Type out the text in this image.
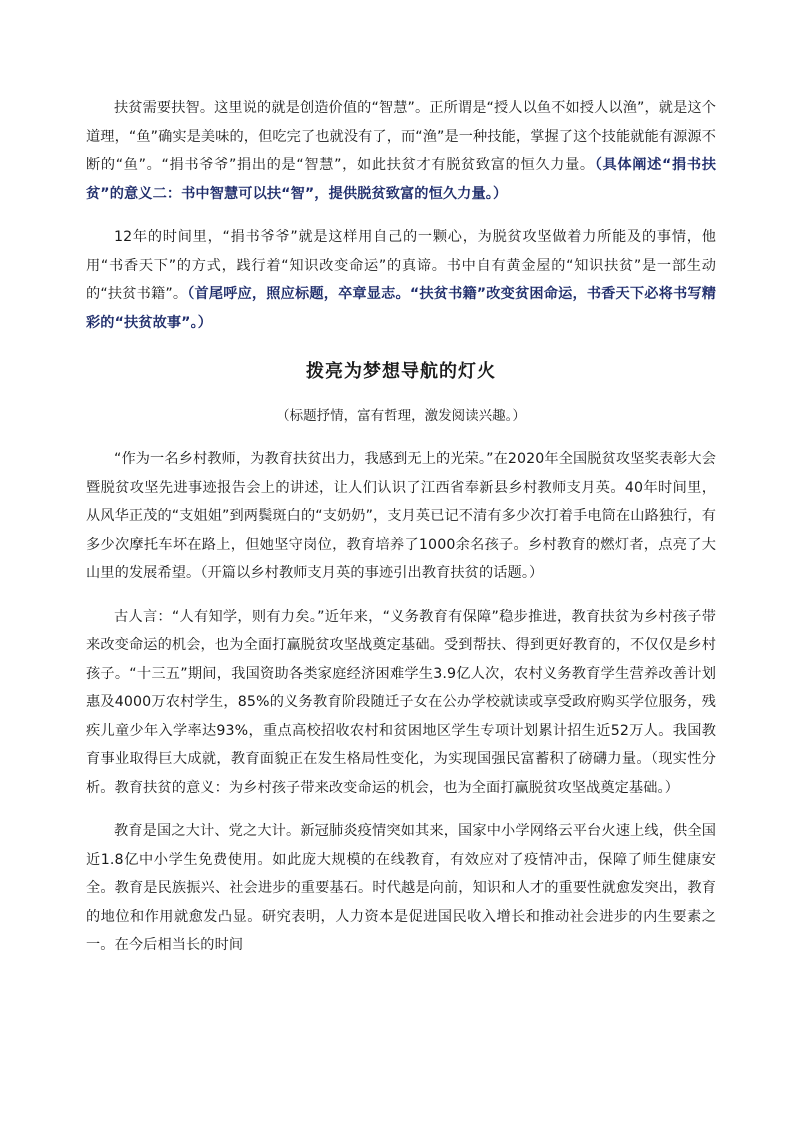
扶贫需要扶智。这里说的就是创造价值的“智慧”。正所谓是“授人以鱼不如授人以渔”，就是这个道理，“鱼”确实是美味的，但吃完了也就没有了，而“渔”是一种技能，掌握了这个技能就能有源源不断的“鱼”。“捐书爷爷”捐出的是“智慧”，如此扶贫才有脱贫致富的恒久力量。（具体阐述“捐书扶贫”的意义二：书中智慧可以扶“智”，提供脱贫致富的恒久力量。）

12年的时间里，“捐书爷爷”就是这样用自己的一颗心，为脱贫攻坚做着力所能及的事情，他用“书香天下”的方式，践行着“知识改变命运”的真谛。书中自有黄金屋的“知识扶贫”是一部生动的“扶贫书籍”。（首尾呼应，照应标题，卒章显志。“扶贫书籍”改变贫困命运，书香天下必将书写精彩的“扶贫故事”。）

拨亮为梦想导航的灯火
（标题抒情，富有哲理，激发阅读兴趣。）

“作为一名乡村教师，为教育扶贫出力，我感到无上的光荣。”在2020年全国脱贫攻坚奖表彰大会暨脱贫攻坚先进事迹报告会上的讲述，让人们认识了江西省奉新县乡村教师支月英。40年时间里，从风华正茂的“支姐姐”到两鬓斑白的“支奶奶”，支月英已记不清有多少次打着手电筒在山路独行，有多少次摩托车坏在路上，但她坚守岗位，教育培养了1000余名孩子。乡村教育的燃灯者，点亮了大山里的发展希望。（开篇以乡村教师支月英的事迹引出教育扶贫的话题。）

古人言：“人有知学，则有力矣。”近年来，“义务教育有保障”稳步推进，教育扶贫为乡村孩子带来改变命运的机会，也为全面打赢脱贫攻坚战奠定基础。受到帮扶、得到更好教育的，不仅仅是乡村孩子。“十三五”期间，我国资助各类家庭经济困难学生3.9亿人次，农村义务教育学生营养改善计划惠及4000万农村学生，85%的义务教育阶段随迁子女在公办学校就读或享受政府购买学位服务，残疾儿童少年入学率达93%，重点高校招收农村和贫困地区学生专项计划累计招生近52万人。我国教育事业取得巨大成就，教育面貌正在发生格局性变化，为实现国强民富蓄积了磅礴力量。（现实性分析。教育扶贫的意义：为乡村孩子带来改变命运的机会，也为全面打赢脱贫攻坚战奠定基础。）

教育是国之大计、党之大计。新冠肺炎疫情突如其来，国家中小学网络云平台火速上线，供全国近1.8亿中小学生免费使用。如此庞大规模的在线教育，有效应对了疫情冲击，保障了师生健康安全。教育是民族振兴、社会进步的重要基石。时代越是向前，知识和人才的重要性就愈发突出，教育的地位和作用就愈发凸显。研究表明，人力资本是促进国民收入增长和推动社会进步的内生要素之一。在今后相当长的时间
